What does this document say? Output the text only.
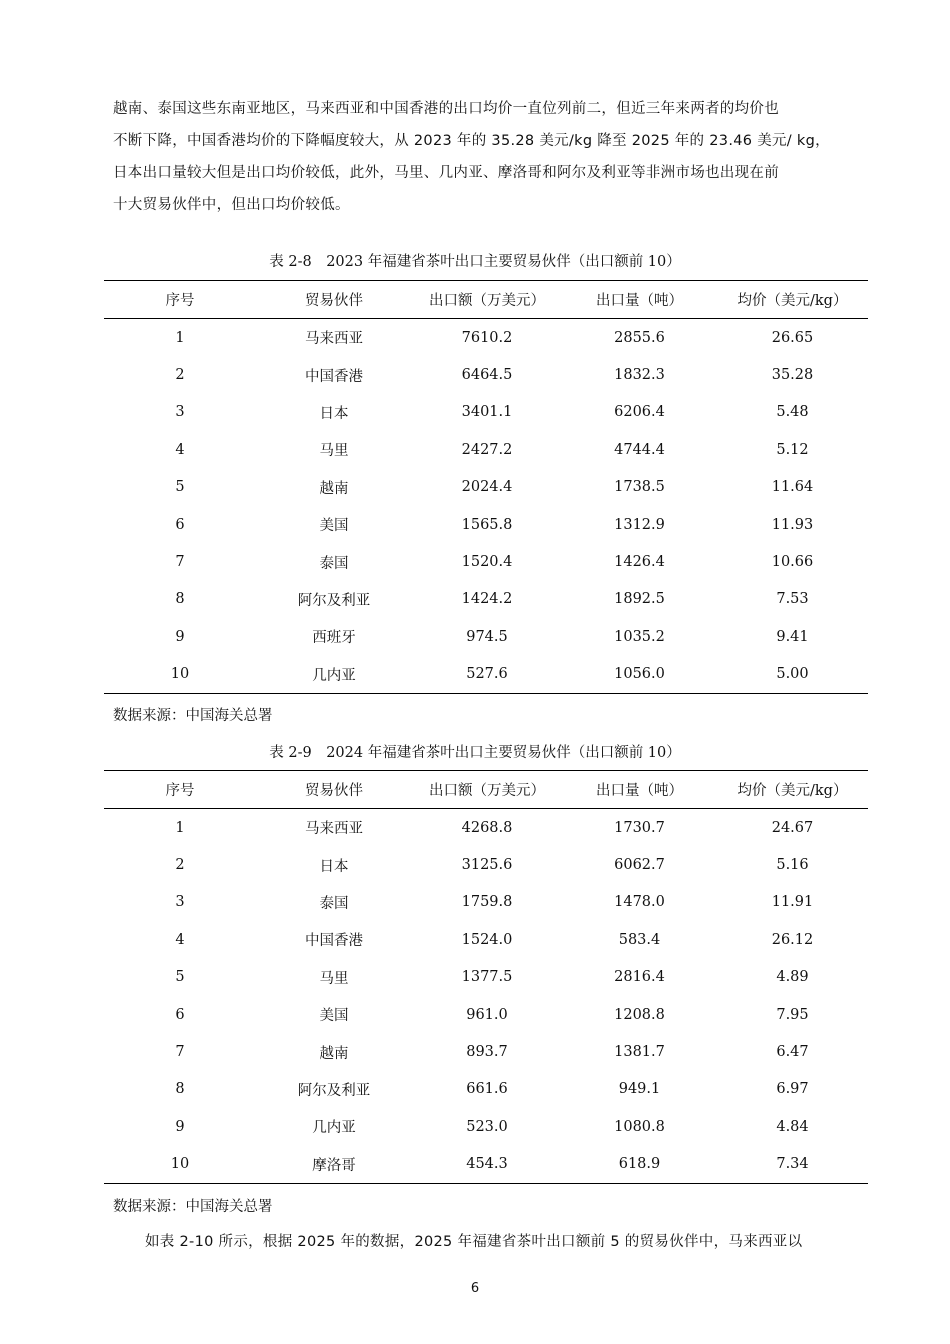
越南、泰国这些东南亚地区，马来西亚和中国香港的出口均价一直位列前二，但近三年来两者的均价也
不断下降，中国香港均价的下降幅度较大，从 2023 年的 35.28 美元/kg 降至 2025 年的 23.46 美元/ kg，
日本出口量较大但是出口均价较低，此外，马里、几内亚、摩洛哥和阿尔及利亚等非洲市场也出现在前
十大贸易伙伴中，但出口均价较低。

表 2-8　2023 年福建省茶叶出口主要贸易伙伴（出口额前 10）

序号	贸易伙伴	出口额（万美元）	出口量（吨）	均价（美元/kg）
1	马来西亚	7610.2	2855.6	26.65
2	中国香港	6464.5	1832.3	35.28
3	日本	3401.1	6206.4	5.48
4	马里	2427.2	4744.4	5.12
5	越南	2024.4	1738.5	11.64
6	美国	1565.8	1312.9	11.93
7	泰国	1520.4	1426.4	10.66
8	阿尔及利亚	1424.2	1892.5	7.53
9	西班牙	974.5	1035.2	9.41
10	几内亚	527.6	1056.0	5.00

数据来源：中国海关总署

表 2-9　2024 年福建省茶叶出口主要贸易伙伴（出口额前 10）

序号	贸易伙伴	出口额（万美元）	出口量（吨）	均价（美元/kg）
1	马来西亚	4268.8	1730.7	24.67
2	日本	3125.6	6062.7	5.16
3	泰国	1759.8	1478.0	11.91
4	中国香港	1524.0	583.4	26.12
5	马里	1377.5	2816.4	4.89
6	美国	961.0	1208.8	7.95
7	越南	893.7	1381.7	6.47
8	阿尔及利亚	661.6	949.1	6.97
9	几内亚	523.0	1080.8	4.84
10	摩洛哥	454.3	618.9	7.34

数据来源：中国海关总署

如表 2-10 所示，根据 2025 年的数据，2025 年福建省茶叶出口额前 5 的贸易伙伴中，马来西亚以

6
